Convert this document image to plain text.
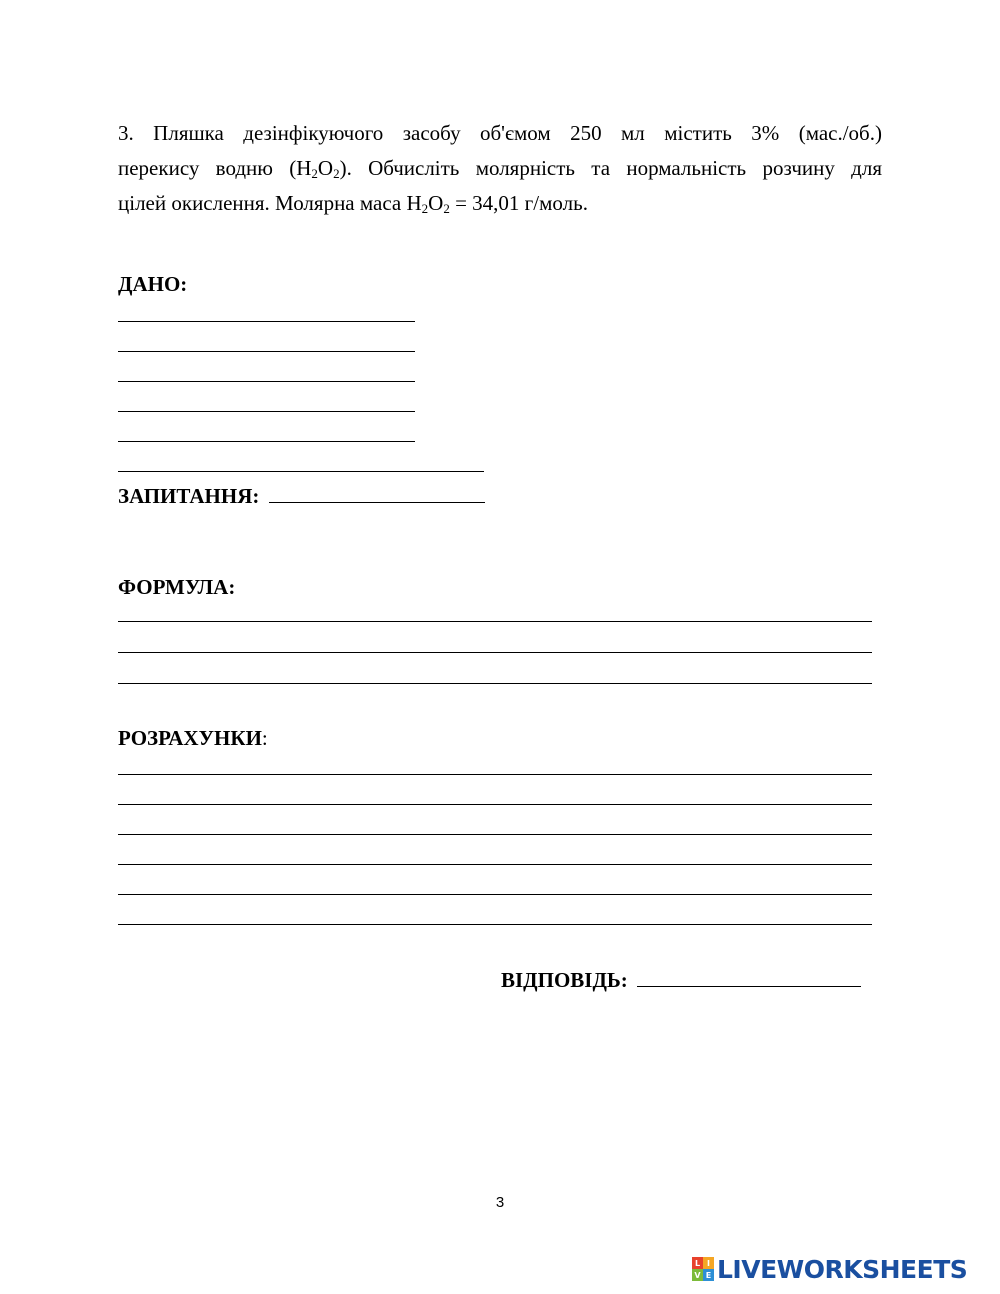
3. Пляшка дезінфікуючого засобу об'ємом 250 мл містить 3% (мас./об.)
перекису водню $(H_2O_2)$. Обчисліть молярність та нормальність розчину для
цілей окислення. Молярна маса $H_2O_2 = 34,01$ г/моль.
ДАНО:
ЗАПИТАННЯ:
ФОРМУЛА:
РОЗРАХУНКИ:
ВІДПОВІДЬ:
3
L I
V E LIVEWORKSHEETS
